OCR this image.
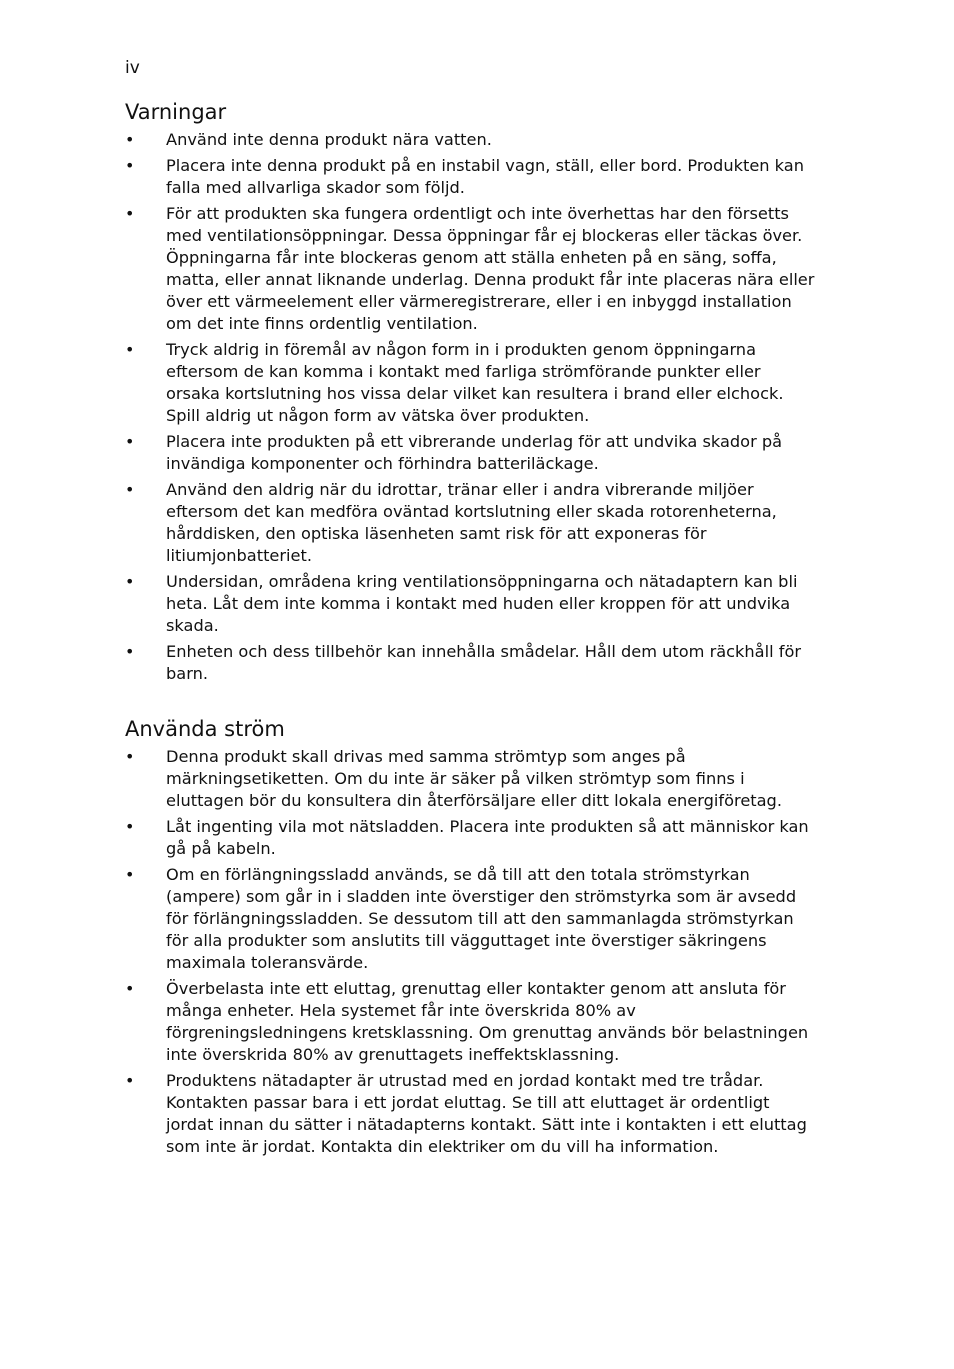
iv

Varningar
• Använd inte denna produkt nära vatten.
• Placera inte denna produkt på en instabil vagn, ställ, eller bord. Produkten kan falla med allvarliga skador som följd.
• För att produkten ska fungera ordentligt och inte överhettas har den försetts med ventilationsöppningar. Dessa öppningar får ej blockeras eller täckas över. Öppningarna får inte blockeras genom att ställa enheten på en säng, soffa, matta, eller annat liknande underlag. Denna produkt får inte placeras nära eller över ett värmeelement eller värmeregistrerare, eller i en inbyggd installation om det inte finns ordentlig ventilation.
• Tryck aldrig in föremål av någon form in i produkten genom öppningarna eftersom de kan komma i kontakt med farliga strömförande punkter eller orsaka kortslutning hos vissa delar vilket kan resultera i brand eller elchock. Spill aldrig ut någon form av vätska över produkten.
• Placera inte produkten på ett vibrerande underlag för att undvika skador på invändiga komponenter och förhindra batteriläckage.
• Använd den aldrig när du idrottar, tränar eller i andra vibrerande miljöer eftersom det kan medföra oväntad kortslutning eller skada rotorenheterna, hårddisken, den optiska läsenheten samt risk för att exponeras för litiumjonbatteriet.
• Undersidan, områdena kring ventilationsöppningarna och nätadaptern kan bli heta. Låt dem inte komma i kontakt med huden eller kroppen för att undvika skada.
• Enheten och dess tillbehör kan innehålla smådelar. Håll dem utom räckhåll för barn.
Använda ström
• Denna produkt skall drivas med samma strömtyp som anges på märkningsetiketten. Om du inte är säker på vilken strömtyp som finns i eluttagen bör du konsultera din återförsäljare eller ditt lokala energiföretag.
• Låt ingenting vila mot nätsladden. Placera inte produkten så att människor kan gå på kabeln.
• Om en förlängningssladd används, se då till att den totala strömstyrkan (ampere) som går in i sladden inte överstiger den strömstyrka som är avsedd för förlängningssladden. Se dessutom till att den sammanlagda strömstyrkan för alla produkter som anslutits till vägguttaget inte överstiger säkringens maximala toleransvärde.
• Överbelasta inte ett eluttag, grenuttag eller kontakter genom att ansluta för många enheter. Hela systemet får inte överskrida 80% av förgreningsledningens kretsklassning. Om grenuttag används bör belastningen inte överskrida 80% av grenuttagets ineffektsklassning.
• Produktens nätadapter är utrustad med en jordad kontakt med tre trådar. Kontakten passar bara i ett jordat eluttag. Se till att eluttaget är ordentligt jordat innan du sätter i nätadapterns kontakt. Sätt inte i kontakten i ett eluttag som inte är jordat. Kontakta din elektriker om du vill ha information.
